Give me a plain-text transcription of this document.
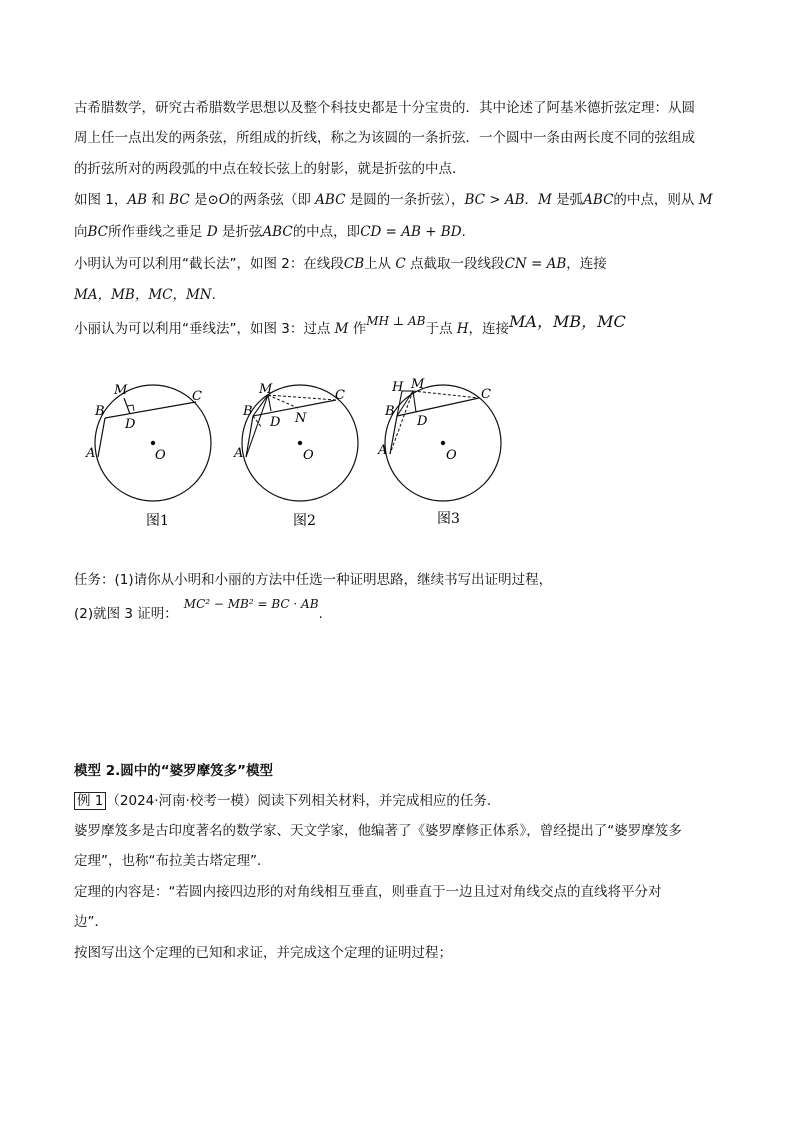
古希腊数学，研究古希腊数学思想以及整个科技史都是十分宝贵的．其中论述了阿基米德折弦定理：从圆
周上任一点出发的两条弦，所组成的折线，称之为该圆的一条折弦．一个圆中一条由两长度不同的弦组成
的折弦所对的两段弧的中点在较长弦上的射影，就是折弦的中点．
如图 1，AB 和 BC 是⊙O的两条弦（即 ABC 是圆的一条折弦），BC > AB．M 是弧ABC的中点，则从 M
向BC所作垂线之垂足 D 是折弦ABC的中点，即CD = AB + BD.
小明认为可以利用“截长法”，如图 2：在线段CB上从 C 点截取一段线段CN = AB，连接
MA，MB，MC，MN.
小丽认为可以利用“垂线法”，如图 3：过点 M 作MH ⊥ AB于点 H，连接MA，MB，MC
M	C
B
D
A	O
图1
M	C
B
D N
A	O
图2
H M
C
B
D
A	O
图3
任务：(1)请你从小明和小丽的方法中任选一种证明思路，继续书写出证明过程，
(2)就图 3 证明：MC² − MB² = BC · AB.
模型 2.圆中的“婆罗摩笈多”模型
例 1 （2024·河南·校考一模）阅读下列相关材料，并完成相应的任务.
婆罗摩笈多是古印度著名的数学家、天文学家，他编著了《婆罗摩修正体系》，曾经提出了“婆罗摩笈多
定理”，也称“布拉美古塔定理”．
定理的内容是：“若圆内接四边形的对角线相互垂直，则垂直于一边且过对角线交点的直线将平分对
边”．
按图写出这个定理的已知和求证，并完成这个定理的证明过程；
